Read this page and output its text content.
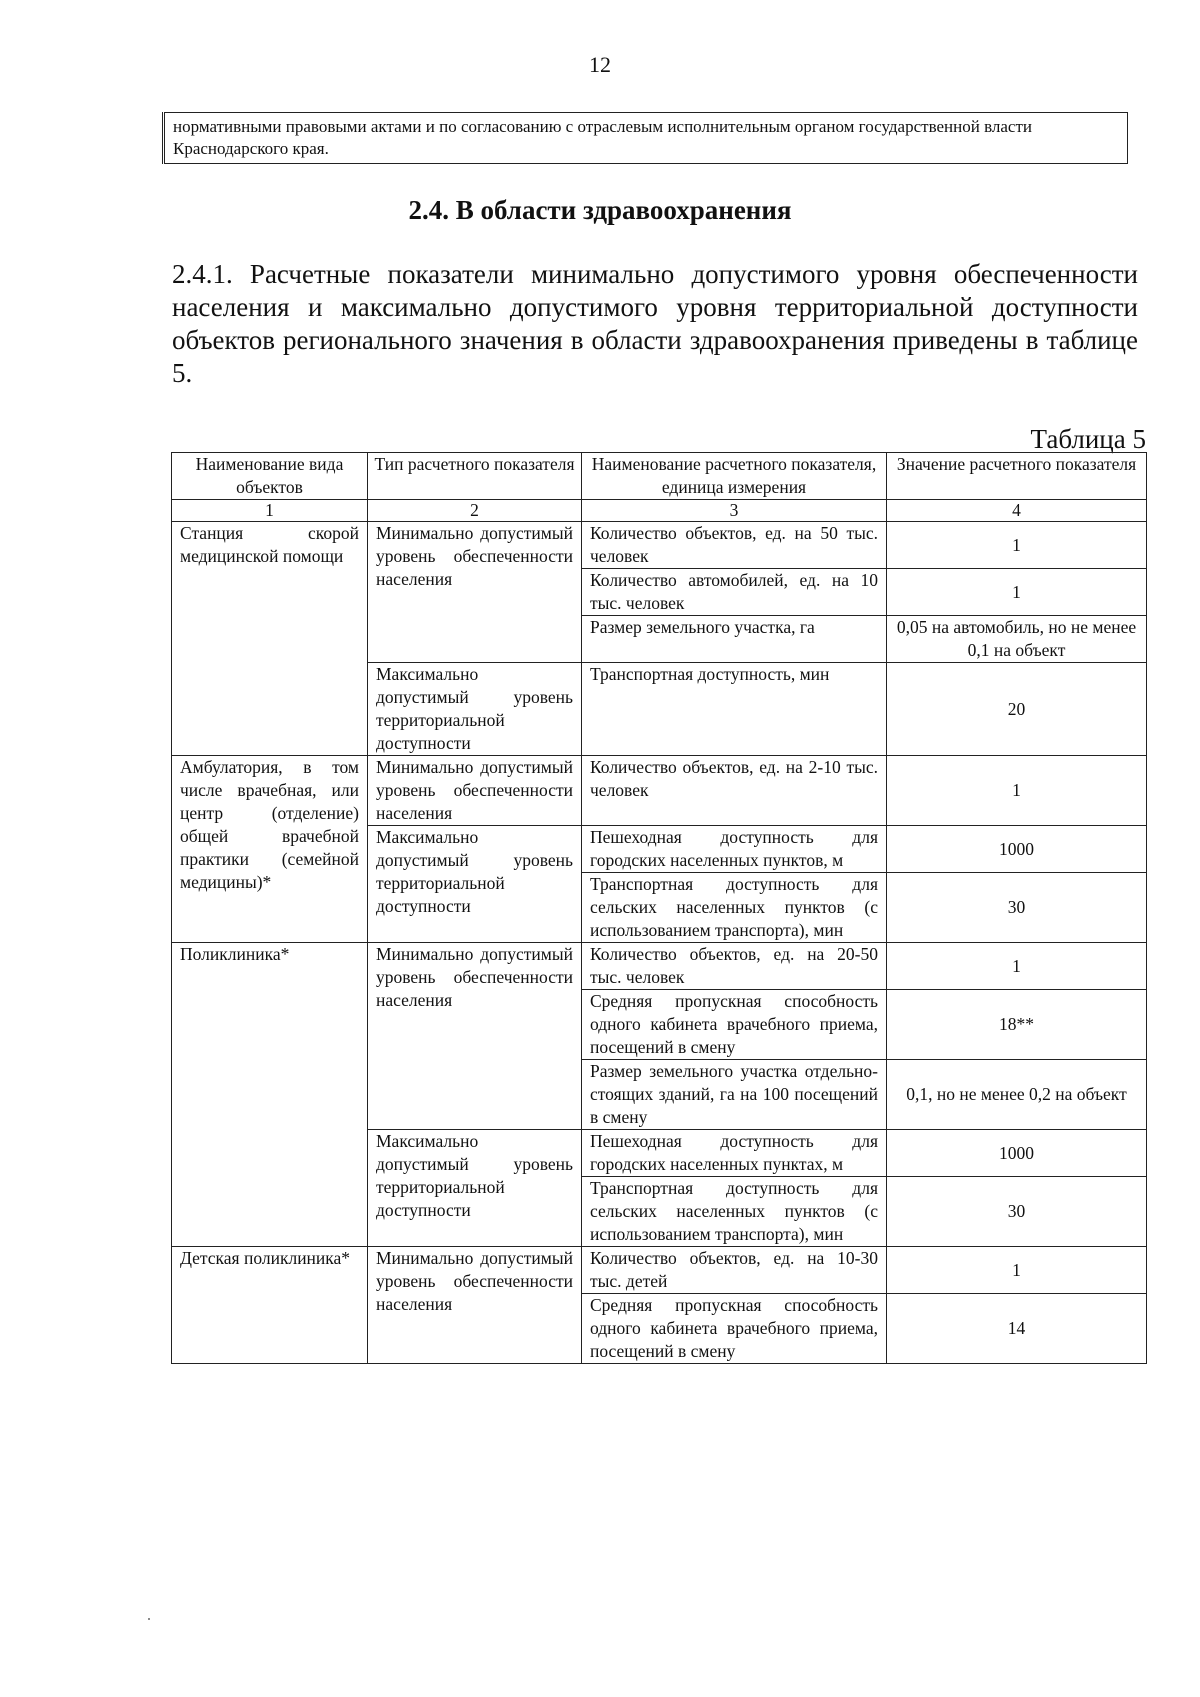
12
нормативными правовыми актами и по согласованию с отраслевым исполнительным органом государственной власти Краснодарского края.
2.4. В области здравоохранения
2.4.1. Расчетные показатели минимально допустимого уровня обеспеченности населения и максимально допустимого уровня территориальной доступности объектов регионального значения в области здравоохранения приведены в таблице 5.
Таблица 5
Наименование вида объектов	Тип расчетного показателя	Наименование расчетного показателя, единица измерения	Значение расчетного показателя
1	2	3	4
Станция скорой медицинской помощи	Минимально допустимый уровень обеспеченности населения	Количество объектов, ед. на 50 тыс. человек	1
		Количество автомобилей, ед. на 10 тыс. человек	1
		Размер земельного участка, га	0,05 на автомобиль, но не менее 0,1 на объект
	Максимально допустимый уровень территориальной доступности	Транспортная доступность, мин	20
Амбулатория, в том числе врачебная, или центр (отделение) общей врачебной практики (семейной медицины)*	Минимально допустимый уровень обеспеченности населения	Количество объектов, ед. на 2-10 тыс. человек	1
	Максимально допустимый уровень территориальной доступности	Пешеходная доступность для городских населенных пунктов, м	1000
		Транспортная доступность для сельских населенных пунктов (с использованием транспорта), мин	30
Поликлиника*	Минимально допустимый уровень обеспеченности населения	Количество объектов, ед. на 20-50 тыс. человек	1
		Средняя пропускная способность одного кабинета врачебного приема, посещений в смену	18**
		Размер земельного участка отдельно-стоящих зданий, га на 100 посещений в смену	0,1, но не менее 0,2 на объект
	Максимально допустимый уровень территориальной доступности	Пешеходная доступность для городских населенных пунктах, м	1000
		Транспортная доступность для сельских населенных пунктов (с использованием транспорта), мин	30
Детская поликлиника*	Минимально допустимый уровень обеспеченности населения	Количество объектов, ед. на 10-30 тыс. детей	1
		Средняя пропускная способность одного кабинета врачебного приема, посещений в смену	14
